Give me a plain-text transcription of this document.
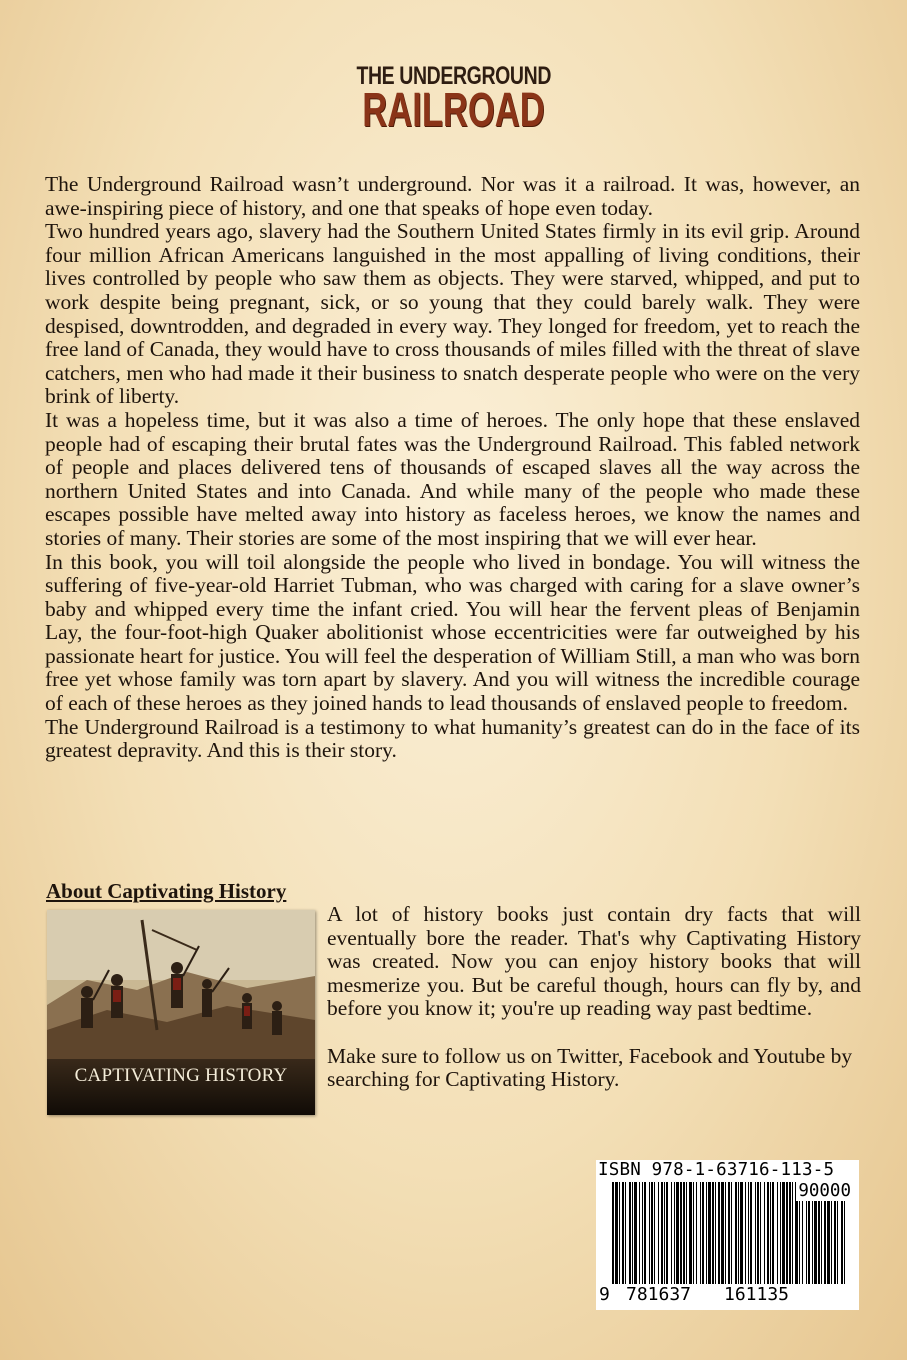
THE UNDERGROUND
RAILROAD

The Underground Railroad wasn’t underground. Nor was it a railroad. It was, however, an awe-inspiring piece of history, and one that speaks of hope even today.

Two hundred years ago, slavery had the Southern United States firmly in its evil grip. Around four million African Americans languished in the most appalling of living conditions, their lives controlled by people who saw them as objects. They were starved, whipped, and put to work despite being pregnant, sick, or so young that they could barely walk. They were despised, downtrodden, and degraded in every way. They longed for freedom, yet to reach the free land of Canada, they would have to cross thousands of miles filled with the threat of slave catchers, men who had made it their business to snatch desperate people who were on the very brink of liberty.

It was a hopeless time, but it was also a time of heroes. The only hope that these enslaved people had of escaping their brutal fates was the Underground Railroad. This fabled network of people and places delivered tens of thousands of escaped slaves all the way across the northern United States and into Canada. And while many of the people who made these escapes possible have melted away into history as faceless heroes, we know the names and stories of many. Their stories are some of the most inspiring that we will ever hear.

In this book, you will toil alongside the people who lived in bondage. You will witness the suffering of five-year-old Harriet Tubman, who was charged with caring for a slave owner’s baby and whipped every time the infant cried. You will hear the fervent pleas of Benjamin Lay, the four-foot-high Quaker abolitionist whose eccentricities were far outweighed by his passionate heart for justice. You will feel the desperation of William Still, a man who was born free yet whose family was torn apart by slavery. And you will witness the incredible courage of each of these heroes as they joined hands to lead thousands of enslaved people to freedom.

The Underground Railroad is a testimony to what humanity’s greatest can do in the face of its greatest depravity. And this is their story.

About Captivating History
CAPTIVATING HISTORY

A lot of history books just contain dry facts that will eventually bore the reader. That's why Captivating History was created. Now you can enjoy history books that will mesmerize you. But be careful though, hours can fly by, and before you know it; you're up reading way past bedtime.

Make sure to follow us on Twitter, Facebook and Youtube by searching for Captivating History.

ISBN 978-1-63716-113-5
90000
9 781637 161135
